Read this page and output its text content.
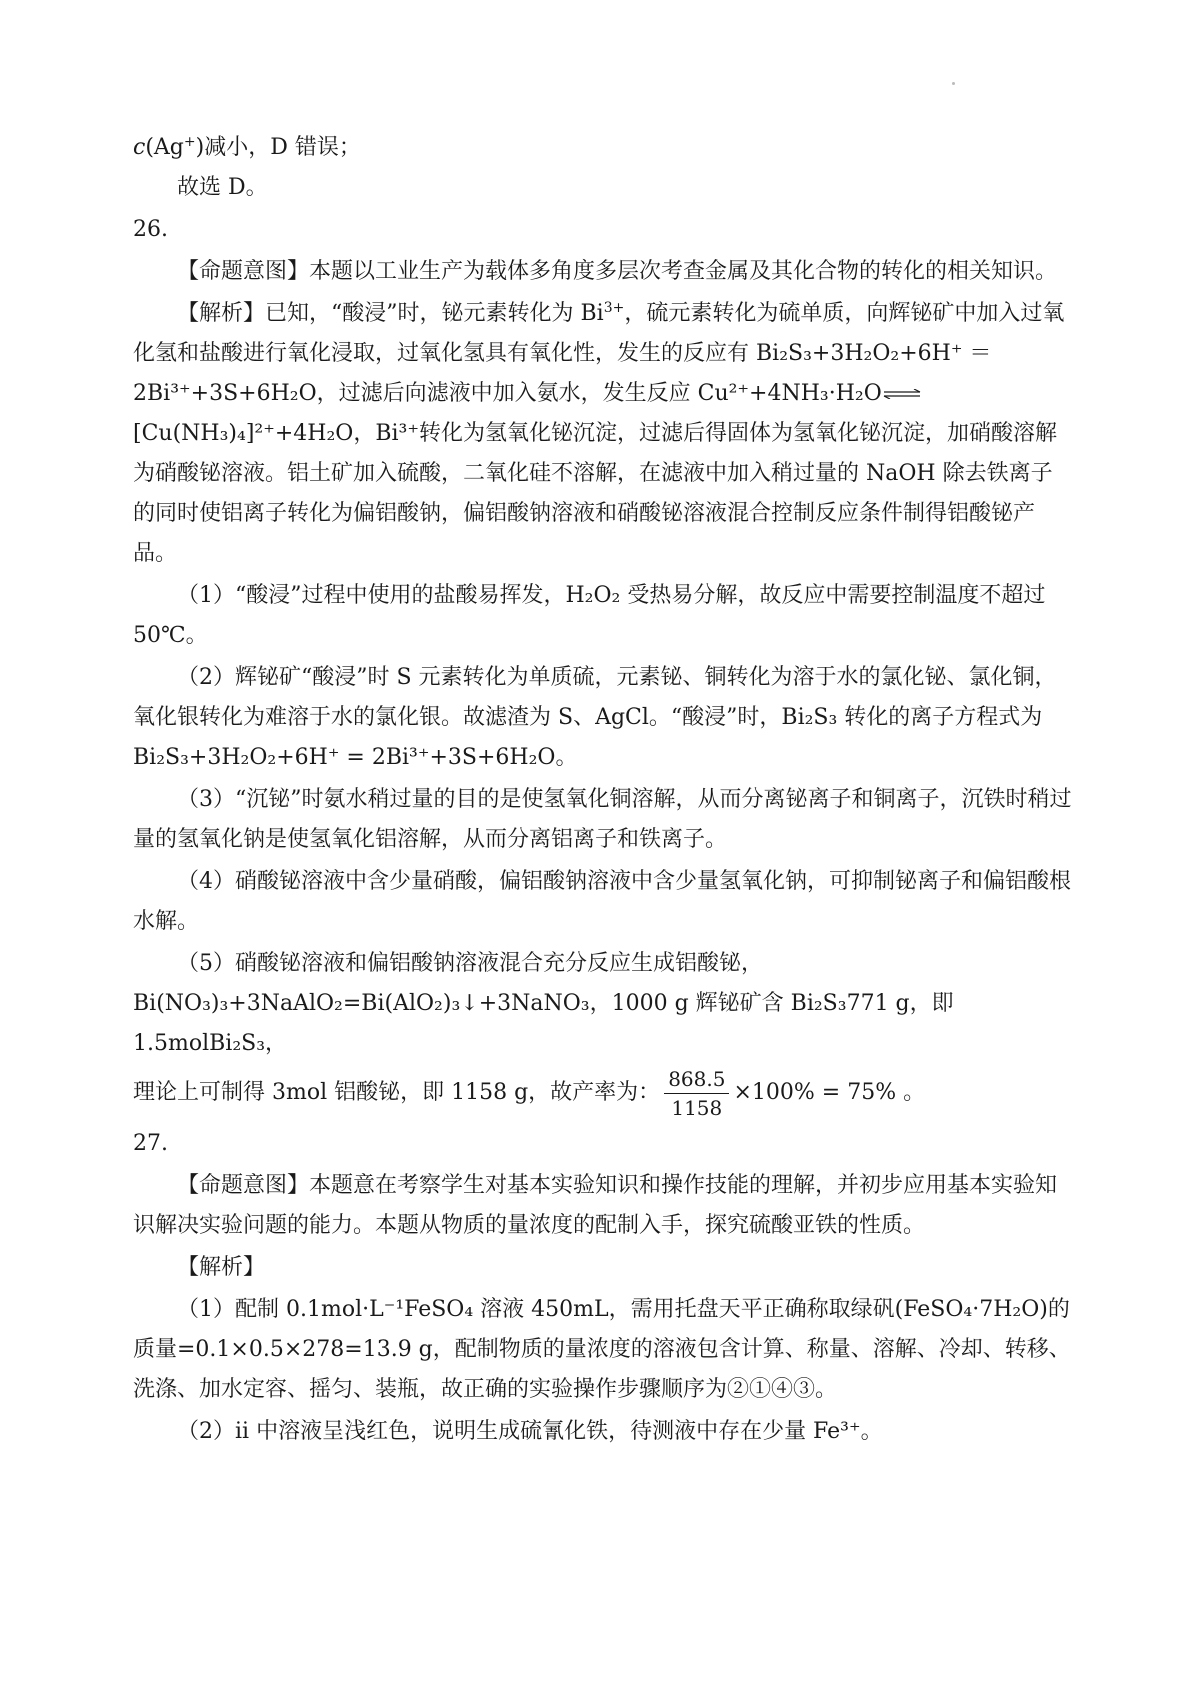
c(Ag+)减小，D 错误；

故选 D。

26.

【命题意图】本题以工业生产为载体多角度多层次考查金属及其化合物的转化的相关知识。

【解析】已知，“酸浸”时，铋元素转化为 $Bi^{3+}$，硫元素转化为硫单质，向辉铋矿中加入过氧化氢和盐酸进行氧化浸取，过氧化氢具有氧化性，发生的反应有 Bi₂S₃+3H₂O₂+6H⁺ ＝ 2Bi³⁺+3S+6H₂O，过滤后向滤液中加入氨水，发生反应 Cu²⁺+4NH₃·H₂O⇌[Cu(NH₃)₄]²⁺+4H₂O，Bi³⁺转化为氢氧化铋沉淀，过滤后得固体为氢氧化铋沉淀，加硝酸溶解为硝酸铋溶液。铝土矿加入硫酸，二氧化硅不溶解，在滤液中加入稍过量的 NaOH 除去铁离子的同时使铝离子转化为偏铝酸钠，偏铝酸钠溶液和硝酸铋溶液混合控制反应条件制得铝酸铋产品。

（1）“酸浸”过程中使用的盐酸易挥发，H₂O₂ 受热易分解，故反应中需要控制温度不超过 50℃。

（2）辉铋矿“酸浸”时 S 元素转化为单质硫，元素铋、铜转化为溶于水的氯化铋、氯化铜，氧化银转化为难溶于水的氯化银。故滤渣为 S、AgCl。“酸浸”时，Bi₂S₃ 转化的离子方程式为 Bi₂S₃+3H₂O₂+6H⁺ = 2Bi³⁺+3S+6H₂O。

（3）“沉铋”时氨水稍过量的目的是使氢氧化铜溶解，从而分离铋离子和铜离子，沉铁时稍过量的氢氧化钠是使氢氧化铝溶解，从而分离铝离子和铁离子。

（4）硝酸铋溶液中含少量硝酸，偏铝酸钠溶液中含少量氢氧化钠，可抑制铋离子和偏铝酸根水解。

（5）硝酸铋溶液和偏铝酸钠溶液混合充分反应生成铝酸铋，Bi(NO₃)₃+3NaAlO₂=Bi(AlO₂)₃↓+3NaNO₃，1000 g 辉铋矿含 Bi₂S₃771 g，即 1.5molBi₂S₃，

理论上可制得 3mol 铝酸铋，即 1158 g，故产率为： $\frac{868.5}{1158} \times 100\% = 75\%$ 。

27.

【命题意图】本题意在考察学生对基本实验知识和操作技能的理解，并初步应用基本实验知识解决实验问题的能力。本题从物质的量浓度的配制入手，探究硫酸亚铁的性质。

【解析】

（1）配制 0.1mol·L⁻¹FeSO₄ 溶液 450mL，需用托盘天平正确称取绿矾(FeSO₄·7H₂O)的质量=0.1×0.5×278=13.9 g，配制物质的量浓度的溶液包含计算、称量、溶解、冷却、转移、洗涤、加水定容、摇匀、装瓶，故正确的实验操作步骤顺序为②①④③。

（2）ii 中溶液呈浅红色，说明生成硫氰化铁，待测液中存在少量 Fe³⁺。
